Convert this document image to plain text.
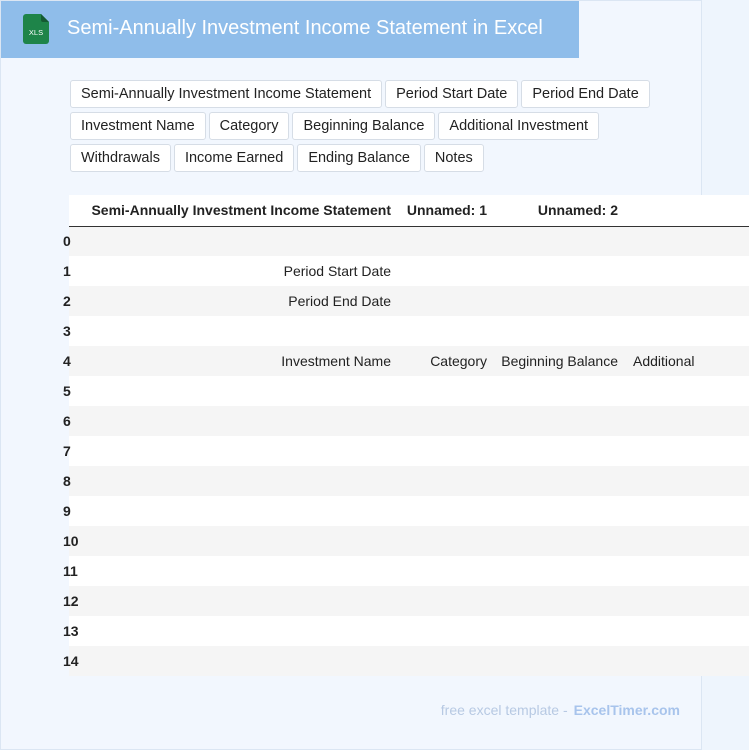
XLS Semi-Annually Investment Income Statement in Excel
Semi-Annually Investment Income Statement	Period Start Date	Period End Date
Investment Name	Category	Beginning Balance	Additional Investment
Withdrawals	Income Earned	Ending Balance	Notes
	Semi-Annually Investment Income Statement	Unnamed: 1	Unnamed: 2	
0				
1	Period Start Date			
2	Period End Date			
3				
4	Investment Name	Category	Beginning Balance	Additional
5				
6				
7				
8				
9				
10				
11				
12				
13				
14				
free excel template - ExcelTimer.com
